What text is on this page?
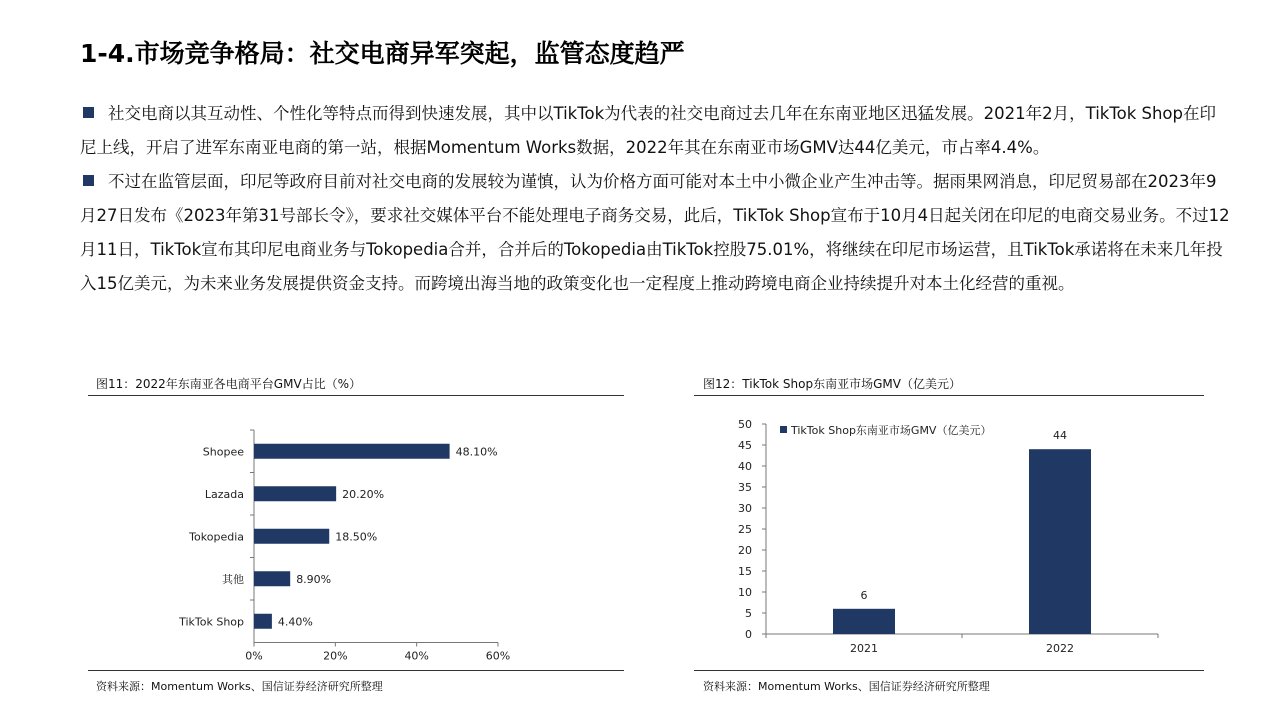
1-4.市场竞争格局：社交电商异军突起，监管态度趋严
社交电商以其互动性、个性化等特点而得到快速发展，其中以TikTok为代表的社交电商过去几年在东南亚地区迅猛发展。2021年2月，TikTok Shop在印尼上线，开启了进军东南亚电商的第一站，根据Momentum Works数据，2022年其在东南亚市场GMV达44亿美元，市占率4.4%。
不过在监管层面，印尼等政府目前对社交电商的发展较为谨慎，认为价格方面可能对本土中小微企业产生冲击等。据雨果网消息，印尼贸易部在2023年9月27日发布《2023年第31号部长令》，要求社交媒体平台不能处理电子商务交易，此后，TikTok Shop宣布于10月4日起关闭在印尼的电商交易业务。不过12月11日，TikTok宣布其印尼电商业务与Tokopedia合并，合并后的Tokopedia由TikTok控股75.01%，将继续在印尼市场运营，且TikTok承诺将在未来几年投入15亿美元，为未来业务发展提供资金支持。而跨境出海当地的政策变化也一定程度上推动跨境电商企业持续提升对本土化经营的重视。
图11：2022年东南亚各电商平台GMV占比（%）
Shopee	48.10%
Lazada	20.20%
Tokopedia	18.50%
其他	8.90%
TikTok Shop	4.40%
0%	20%	40%	60%
资料来源：Momentum Works、国信证券经济研究所整理
图12：TikTok Shop东南亚市场GMV（亿美元）
0
5
10
15
20
25
30
35
40
45
50
6
2021
44
2022
TikTok Shop东南亚市场GMV（亿美元）
资料来源：Momentum Works、国信证券经济研究所整理
